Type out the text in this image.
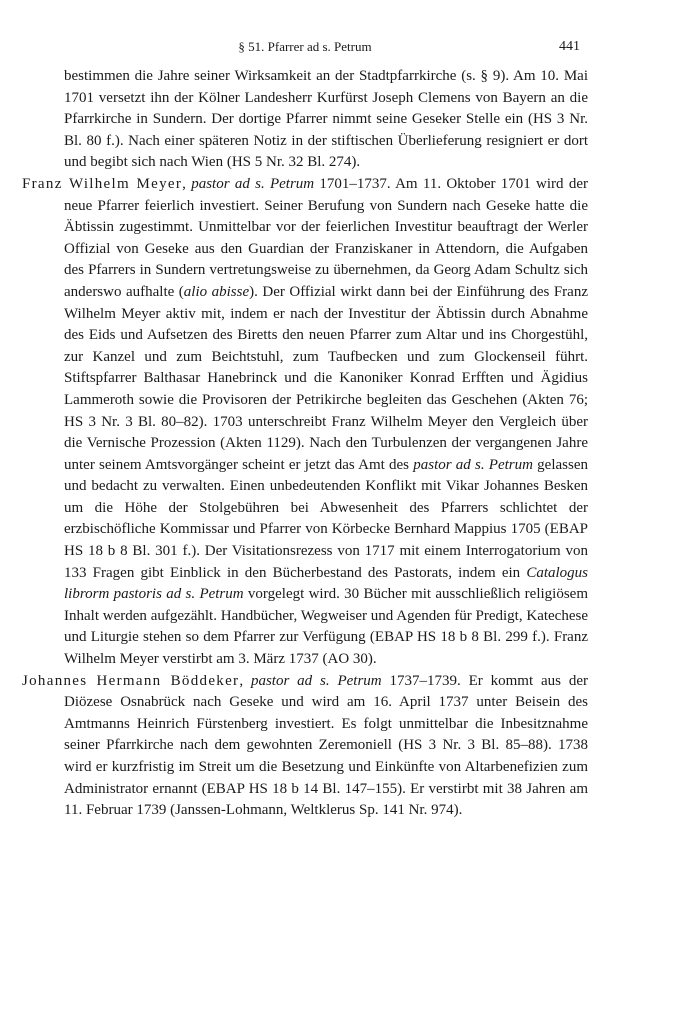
§ 51. Pfarrer ad s. Petrum	441

bestimmen die Jahre seiner Wirksamkeit an der Stadtpfarrkirche (s. § 9). Am 10. Mai 1701 versetzt ihn der Kölner Landesherr Kurfürst Joseph Clemens von Bayern an die Pfarrkirche in Sundern. Der dortige Pfarrer nimmt seine Geseker Stelle ein (HS 3 Nr. Bl. 80 f.). Nach einer späteren Notiz in der stiftischen Überlieferung resigniert er dort und begibt sich nach Wien (HS 5 Nr. 32 Bl. 274).

Franz Wilhelm Meyer, pastor ad s. Petrum 1701–1737. Am 11. Oktober 1701 wird der neue Pfarrer feierlich investiert. Seiner Berufung von Sundern nach Geseke hatte die Äbtissin zugestimmt. Unmittelbar vor der feierlichen Investitur beauftragt der Werler Offizial von Geseke aus den Guardian der Franziskaner in Attendorn, die Aufgaben des Pfarrers in Sundern vertretungsweise zu übernehmen, da Georg Adam Schultz sich anderswo aufhalte (alio abisse). Der Offizial wirkt dann bei der Einführung des Franz Wilhelm Meyer aktiv mit, indem er nach der Investitur der Äbtissin durch Abnahme des Eids und Aufsetzen des Biretts den neuen Pfarrer zum Altar und ins Chorgestühl, zur Kanzel und zum Beichtstuhl, zum Taufbecken und zum Glockenseil führt. Stiftspfarrer Balthasar Hanebrinck und die Kanoniker Konrad Erfften und Ägidius Lammeroth sowie die Provisoren der Petrikirche begleiten das Geschehen (Akten 76; HS 3 Nr. 3 Bl. 80–82). 1703 unterschreibt Franz Wilhelm Meyer den Vergleich über die Vernische Prozession (Akten 1129). Nach den Turbulenzen der vergangenen Jahre unter seinem Amtsvorgänger scheint er jetzt das Amt des pastor ad s. Petrum gelassen und bedacht zu verwalten. Einen unbedeutenden Konflikt mit Vikar Johannes Besken um die Höhe der Stolgebühren bei Abwesenheit des Pfarrers schlichtet der erzbischöfliche Kommissar und Pfarrer von Körbecke Bernhard Mappius 1705 (EBAP HS 18 b 8 Bl. 301 f.). Der Visitationsrezess von 1717 mit einem Interrogatorium von 133 Fragen gibt Einblick in den Bücherbestand des Pastorats, indem ein Catalogus librorm pastoris ad s. Petrum vorgelegt wird. 30 Bücher mit ausschließlich religiösem Inhalt werden aufgezählt. Handbücher, Wegweiser und Agenden für Predigt, Katechese und Liturgie stehen so dem Pfarrer zur Verfügung (EBAP HS 18 b 8 Bl. 299 f.). Franz Wilhelm Meyer verstirbt am 3. März 1737 (AO 30).

Johannes Hermann Böddeker, pastor ad s. Petrum 1737–1739. Er kommt aus der Diözese Osnabrück nach Geseke und wird am 16. April 1737 unter Beisein des Amtmanns Heinrich Fürstenberg investiert. Es folgt unmittelbar die Inbesitznahme seiner Pfarrkirche nach dem gewohnten Zeremoniell (HS 3 Nr. 3 Bl. 85–88). 1738 wird er kurzfristig im Streit um die Besetzung und Einkünfte von Altarbenefizien zum Administrator ernannt (EBAP HS 18 b 14 Bl. 147–155). Er verstirbt mit 38 Jahren am 11. Februar 1739 (Janssen-Lohmann, Weltklerus Sp. 141 Nr. 974).
